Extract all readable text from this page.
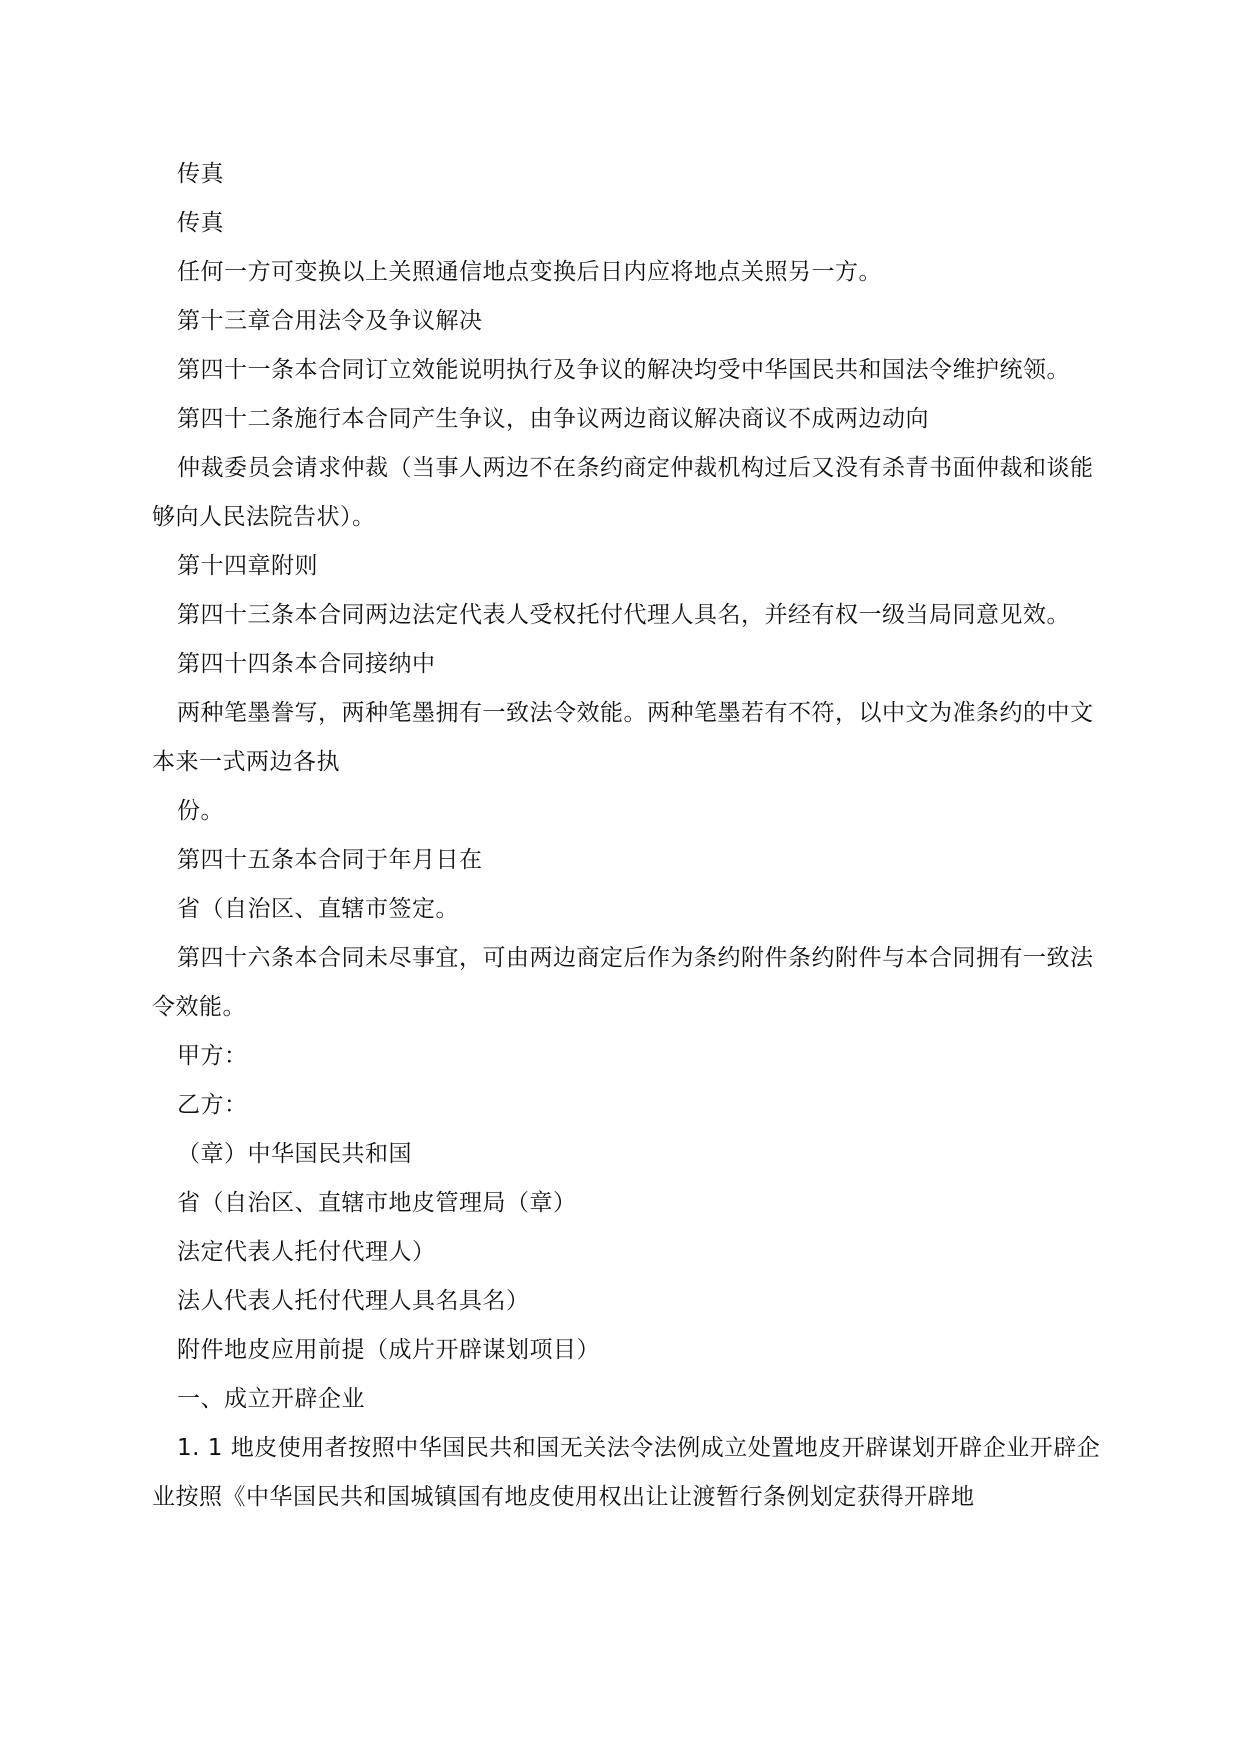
传真

传真

任何一方可变换以上关照通信地点变换后日内应将地点关照另一方。

第十三章合用法令及争议解决

第四十一条本合同订立效能说明执行及争议的解决均受中华国民共和国法令维护统领。

第四十二条施行本合同产生争议，由争议两边商议解决商议不成两边动向

仲裁委员会请求仲裁（当事人两边不在条约商定仲裁机构过后又没有杀青书面仲裁和谈能够向人民法院告状）。

第十四章附则

第四十三条本合同两边法定代表人受权托付代理人具名，并经有权一级当局同意见效。

第四十四条本合同接纳中

两种笔墨誊写，两种笔墨拥有一致法令效能。两种笔墨若有不符，以中文为准条约的中文本来一式两边各执

份。

第四十五条本合同于年月日在

省（自治区、直辖市签定。

第四十六条本合同未尽事宜，可由两边商定后作为条约附件条约附件与本合同拥有一致法令效能。

甲方：

乙方：

（章）中华国民共和国

省（自治区、直辖市地皮管理局（章）

法定代表人托付代理人）

法人代表人托付代理人具名具名）

附件地皮应用前提（成片开辟谋划项目）

一、成立开辟企业

1. 1 地皮使用者按照中华国民共和国无关法令法例成立处置地皮开辟谋划开辟企业开辟企业按照《中华国民共和国城镇国有地皮使用权出让让渡暂行条例划定获得开辟地
